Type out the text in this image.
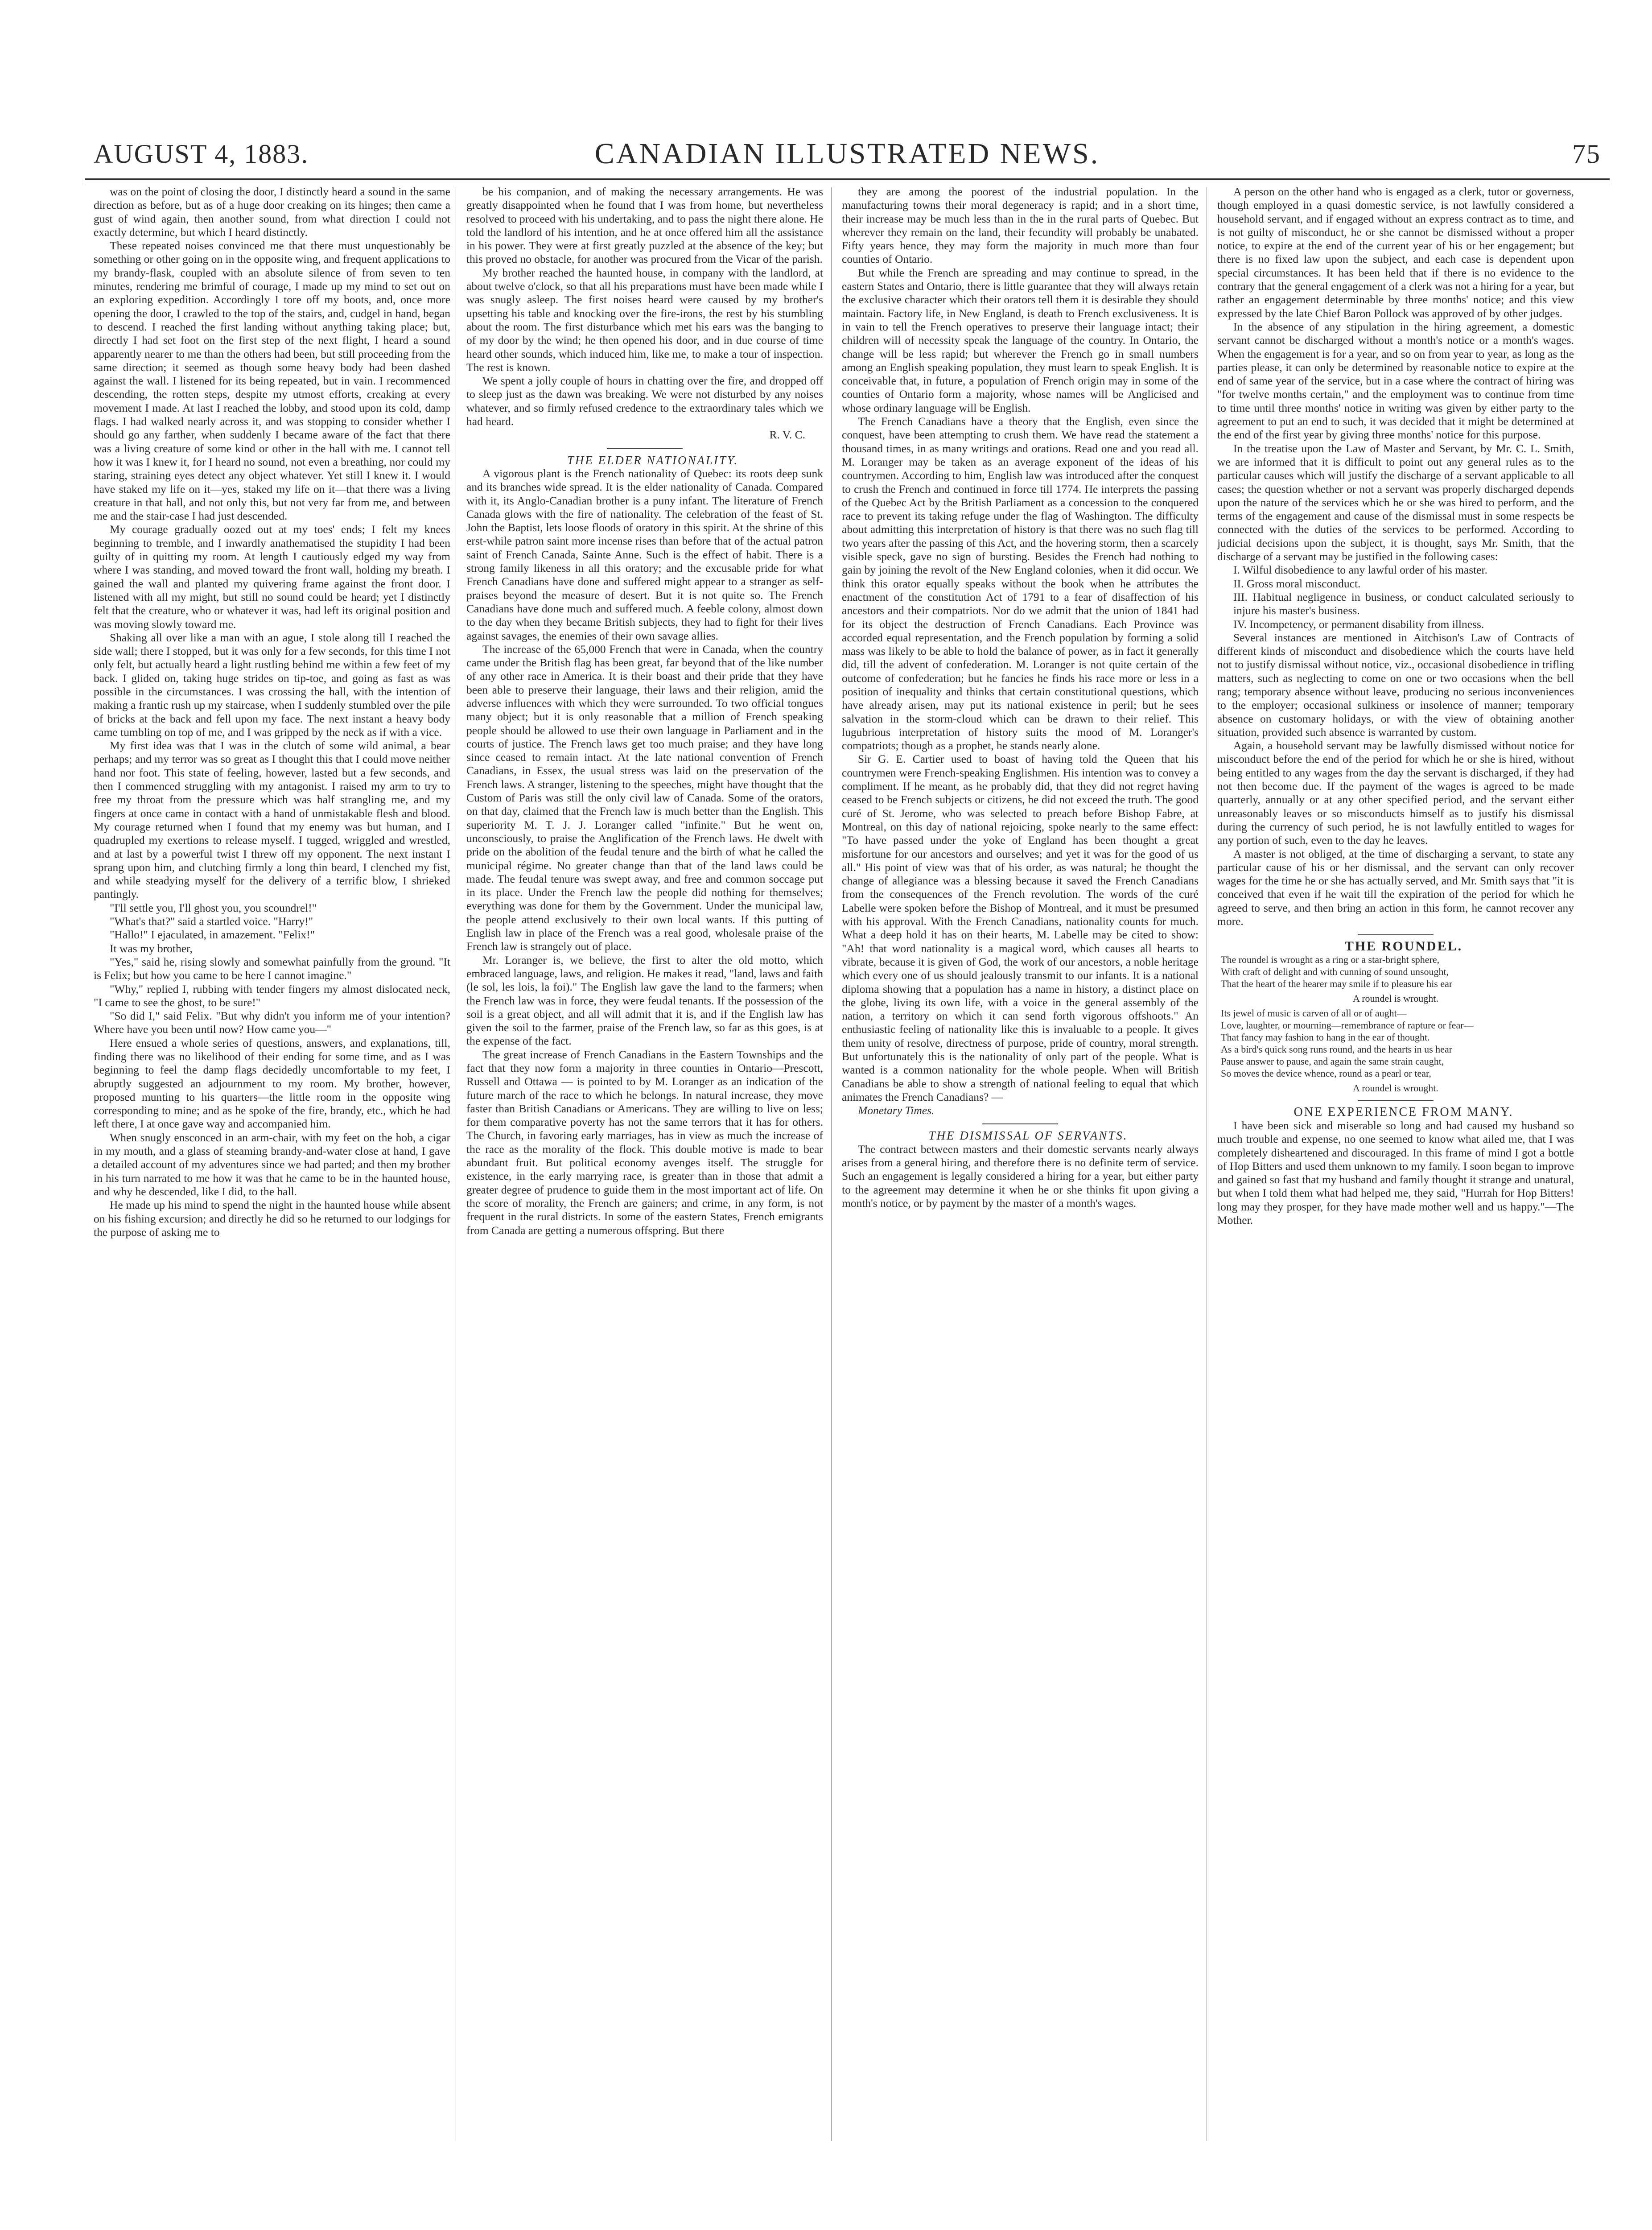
AUGUST 4, 1883.	CANADIAN ILLUSTRATED NEWS.	75

was on the point of closing the door, I distinctly heard a sound in the same direction as before, but as of a huge door creaking on its hinges; then came a gust of wind again, then another sound, from what direction I could not exactly determine, but which I heard distinctly.

These repeated noises convinced me that there must unquestionably be something or other going on in the opposite wing, and frequent applications to my brandy-flask, coupled with an absolute silence of from seven to ten minutes, rendering me brimful of courage, I made up my mind to set out on an exploring expedition. Accordingly I tore off my boots, and, once more opening the door, I crawled to the top of the stairs, and, cudgel in hand, began to descend. I reached the first landing without anything taking place; but, directly I had set foot on the first step of the next flight, I heard a sound apparently nearer to me than the others had been, but still proceeding from the same direction; it seemed as though some heavy body had been dashed against the wall. I listened for its being repeated, but in vain. I recommenced descending, the rotten steps, despite my utmost efforts, creaking at every movement I made. At last I reached the lobby, and stood upon its cold, damp flags. I had walked nearly across it, and was stopping to consider whether I should go any farther, when suddenly I became aware of the fact that there was a living creature of some kind or other in the hall with me. I cannot tell how it was I knew it, for I heard no sound, not even a breathing, nor could my staring, straining eyes detect any object whatever. Yet still I knew it. I would have staked my life on it—yes, staked my life on it—that there was a living creature in that hall, and not only this, but not very far from me, and between me and the stair-case I had just descended.

My courage gradually oozed out at my toes' ends; I felt my knees beginning to tremble, and I inwardly anathematised the stupidity I had been guilty of in quitting my room. At length I cautiously edged my way from where I was standing, and moved toward the front wall, holding my breath. I gained the wall and planted my quivering frame against the front door. I listened with all my might, but still no sound could be heard; yet I distinctly felt that the creature, who or whatever it was, had left its original position and was moving slowly toward me.

Shaking all over like a man with an ague, I stole along till I reached the side wall; there I stopped, but it was only for a few seconds, for this time I not only felt, but actually heard a light rustling behind me within a few feet of my back. I glided on, taking huge strides on tip-toe, and going as fast as was possible in the circumstances. I was crossing the hall, with the intention of making a frantic rush up my staircase, when I suddenly stumbled over the pile of bricks at the back and fell upon my face. The next instant a heavy body came tumbling on top of me, and I was gripped by the neck as if with a vice.

My first idea was that I was in the clutch of some wild animal, a bear perhaps; and my terror was so great as I thought this that I could move neither hand nor foot. This state of feeling, however, lasted but a few seconds, and then I commenced struggling with my antagonist. I raised my arm to try to free my throat from the pressure which was half strangling me, and my fingers at once came in contact with a hand of unmistakable flesh and blood. My courage returned when I found that my enemy was but human, and I quadrupled my exertions to release myself. I tugged, wriggled and wrestled, and at last by a powerful twist I threw off my opponent. The next instant I sprang upon him, and clutching firmly a long thin beard, I clenched my fist, and while steadying myself for the delivery of a terrific blow, I shrieked pantingly.

"I'll settle you, I'll ghost you, you scoundrel!"

"What's that?" said a startled voice. "Harry!"

"Hallo!" I ejaculated, in amazement. "Felix!"

It was my brother,

"Yes," said he, rising slowly and somewhat painfully from the ground. "It is Felix; but how you came to be here I cannot imagine."

"Why," replied I, rubbing with tender fingers my almost dislocated neck, "I came to see the ghost, to be sure!"

"So did I," said Felix. "But why didn't you inform me of your intention? Where have you been until now? How came you—"

Here ensued a whole series of questions, answers, and explanations, till, finding there was no likelihood of their ending for some time, and as I was beginning to feel the damp flags decidedly uncomfortable to my feet, I abruptly suggested an adjournment to my room. My brother, however, proposed munting to his quarters—the little room in the opposite wing corresponding to mine; and as he spoke of the fire, brandy, etc., which he had left there, I at once gave way and accompanied him.

When snugly ensconced in an arm-chair, with my feet on the hob, a cigar in my mouth, and a glass of steaming brandy-and-water close at hand, I gave a detailed account of my adventures since we had parted; and then my brother in his turn narrated to me how it was that he came to be in the haunted house, and why he descended, like I did, to the hall.

He made up his mind to spend the night in the haunted house while absent on his fishing excursion; and directly he did so he returned to our lodgings for the purpose of asking me to

be his companion, and of making the necessary arrangements. He was greatly disappointed when he found that I was from home, but nevertheless resolved to proceed with his undertaking, and to pass the night there alone. He told the landlord of his intention, and he at once offered him all the assistance in his power. They were at first greatly puzzled at the absence of the key; but this proved no obstacle, for another was procured from the Vicar of the parish.

My brother reached the haunted house, in company with the landlord, at about twelve o'clock, so that all his preparations must have been made while I was snugly asleep. The first noises heard were caused by my brother's upsetting his table and knocking over the fire-irons, the rest by his stumbling about the room. The first disturbance which met his ears was the banging to of my door by the wind; he then opened his door, and in due course of time heard other sounds, which induced him, like me, to make a tour of inspection. The rest is known.

We spent a jolly couple of hours in chatting over the fire, and dropped off to sleep just as the dawn was breaking. We were not disturbed by any noises whatever, and so firmly refused credence to the extraordinary tales which we had heard.

R. V. C.

THE ELDER NATIONALITY.

A vigorous plant is the French nationality of Quebec: its roots deep sunk and its branches wide spread. It is the elder nationality of Canada. Compared with it, its Anglo-Canadian brother is a puny infant. The literature of French Canada glows with the fire of nationality. The celebration of the feast of St. John the Baptist, lets loose floods of oratory in this spirit. At the shrine of this erst-while patron saint more incense rises than before that of the actual patron saint of French Canada, Sainte Anne. Such is the effect of habit. There is a strong family likeness in all this oratory; and the excusable pride for what French Canadians have done and suffered might appear to a stranger as self-praises beyond the measure of desert. But it is not quite so. The French Canadians have done much and suffered much. A feeble colony, almost down to the day when they became British subjects, they had to fight for their lives against savages, the enemies of their own savage allies.

The increase of the 65,000 French that were in Canada, when the country came under the British flag has been great, far beyond that of the like number of any other race in America. It is their boast and their pride that they have been able to preserve their language, their laws and their religion, amid the adverse influences with which they were surrounded. To two official tongues many object; but it is only reasonable that a million of French speaking people should be allowed to use their own language in Parliament and in the courts of justice. The French laws get too much praise; and they have long since ceased to remain intact. At the late national convention of French Canadians, in Essex, the usual stress was laid on the preservation of the French laws. A stranger, listening to the speeches, might have thought that the Custom of Paris was still the only civil law of Canada. Some of the orators, on that day, claimed that the French law is much better than the English. This superiority M. T. J. J. Loranger called "infinite." But he went on, unconsciously, to praise the Anglification of the French laws. He dwelt with pride on the abolition of the feudal tenure and the birth of what he called the municipal régime. No greater change than that of the land laws could be made. The feudal tenure was swept away, and free and common soccage put in its place. Under the French law the people did nothing for themselves; everything was done for them by the Government. Under the municipal law, the people attend exclusively to their own local wants. If this putting of English law in place of the French was a real good, wholesale praise of the French law is strangely out of place.

Mr. Loranger is, we believe, the first to alter the old motto, which embraced language, laws, and religion. He makes it read, "land, laws and faith (le sol, les lois, la foi)." The English law gave the land to the farmers; when the French law was in force, they were feudal tenants. If the possession of the soil is a great object, and all will admit that it is, and if the English law has given the soil to the farmer, praise of the French law, so far as this goes, is at the expense of the fact.

The great increase of French Canadians in the Eastern Townships and the fact that they now form a majority in three counties in Ontario—Prescott, Russell and Ottawa — is pointed to by M. Loranger as an indication of the future march of the race to which he belongs. In natural increase, they move faster than British Canadians or Americans. They are willing to live on less; for them comparative poverty has not the same terrors that it has for others. The Church, in favoring early marriages, has in view as much the increase of the race as the morality of the flock. This double motive is made to bear abundant fruit. But political economy avenges itself. The struggle for existence, in the early marrying race, is greater than in those that admit a greater degree of prudence to guide them in the most important act of life. On the score of morality, the French are gainers; and crime, in any form, is not frequent in the rural districts. In some of the eastern States, French emigrants from Canada are getting a numerous offspring. But there

they are among the poorest of the industrial population. In the manufacturing towns their moral degeneracy is rapid; and in a short time, their increase may be much less than in the in the rural parts of Quebec. But wherever they remain on the land, their fecundity will probably be unabated. Fifty years hence, they may form the majority in much more than four counties of Ontario.

But while the French are spreading and may continue to spread, in the eastern States and Ontario, there is little guarantee that they will always retain the exclusive character which their orators tell them it is desirable they should maintain. Factory life, in New England, is death to French exclusiveness. It is in vain to tell the French operatives to preserve their language intact; their children will of necessity speak the language of the country. In Ontario, the change will be less rapid; but wherever the French go in small numbers among an English speaking population, they must learn to speak English. It is conceivable that, in future, a population of French origin may in some of the counties of Ontario form a majority, whose names will be Anglicised and whose ordinary language will be English.

The French Canadians have a theory that the English, even since the conquest, have been attempting to crush them. We have read the statement a thousand times, in as many writings and orations. Read one and you read all. M. Loranger may be taken as an average exponent of the ideas of his countrymen. According to him, English law was introduced after the conquest to crush the French and continued in force till 1774. He interprets the passing of the Quebec Act by the British Parliament as a concession to the conquered race to prevent its taking refuge under the flag of Washington. The difficulty about admitting this interpretation of history is that there was no such flag till two years after the passing of this Act, and the hovering storm, then a scarcely visible speck, gave no sign of bursting. Besides the French had nothing to gain by joining the revolt of the New England colonies, when it did occur. We think this orator equally speaks without the book when he attributes the enactment of the constitution Act of 1791 to a fear of disaffection of his ancestors and their compatriots. Nor do we admit that the union of 1841 had for its object the destruction of French Canadians. Each Province was accorded equal representation, and the French population by forming a solid mass was likely to be able to hold the balance of power, as in fact it generally did, till the advent of confederation. M. Loranger is not quite certain of the outcome of confederation; but he fancies he finds his race more or less in a position of inequality and thinks that certain constitutional questions, which have already arisen, may put its national existence in peril; but he sees salvation in the storm-cloud which can be drawn to their relief. This lugubrious interpretation of history suits the mood of M. Loranger's compatriots; though as a prophet, he stands nearly alone.

Sir G. E. Cartier used to boast of having told the Queen that his countrymen were French-speaking Englishmen. His intention was to convey a compliment. If he meant, as he probably did, that they did not regret having ceased to be French subjects or citizens, he did not exceed the truth. The good curé of St. Jerome, who was selected to preach before Bishop Fabre, at Montreal, on this day of national rejoicing, spoke nearly to the same effect: "To have passed under the yoke of England has been thought a great misfortune for our ancestors and ourselves; and yet it was for the good of us all." His point of view was that of his order, as was natural; he thought the change of allegiance was a blessing because it saved the French Canadians from the consequences of the French revolution. The words of the curé Labelle were spoken before the Bishop of Montreal, and it must be presumed with his approval. With the French Canadians, nationality counts for much. What a deep hold it has on their hearts, M. Labelle may be cited to show: "Ah! that word nationality is a magical word, which causes all hearts to vibrate, because it is given of God, the work of our ancestors, a noble heritage which every one of us should jealously transmit to our infants. It is a national diploma showing that a population has a name in history, a distinct place on the globe, living its own life, with a voice in the general assembly of the nation, a territory on which it can send forth vigorous offshoots." An enthusiastic feeling of nationality like this is invaluable to a people. It gives them unity of resolve, directness of purpose, pride of country, moral strength. But unfortunately this is the nationality of only part of the people. What is wanted is a common nationality for the whole people. When will British Canadians be able to show a strength of national feeling to equal that which animates the French Canadians? —

Monetary Times.

THE DISMISSAL OF SERVANTS.

The contract between masters and their domestic servants nearly always arises from a general hiring, and therefore there is no definite term of service. Such an engagement is legally considered a hiring for a year, but either party to the agreement may determine it when he or she thinks fit upon giving a month's notice, or by payment by the master of a month's wages.

A person on the other hand who is engaged as a clerk, tutor or governess, though employed in a quasi domestic service, is not lawfully considered a household servant, and if engaged without an express contract as to time, and is not guilty of misconduct, he or she cannot be dismissed without a proper notice, to expire at the end of the current year of his or her engagement; but there is no fixed law upon the subject, and each case is dependent upon special circumstances. It has been held that if there is no evidence to the contrary that the general engagement of a clerk was not a hiring for a year, but rather an engagement determinable by three months' notice; and this view expressed by the late Chief Baron Pollock was approved of by other judges.

In the absence of any stipulation in the hiring agreement, a domestic servant cannot be discharged without a month's notice or a month's wages. When the engagement is for a year, and so on from year to year, as long as the parties please, it can only be determined by reasonable notice to expire at the end of same year of the service, but in a case where the contract of hiring was "for twelve months certain," and the employment was to continue from time to time until three months' notice in writing was given by either party to the agreement to put an end to such, it was decided that it might be determined at the end of the first year by giving three months' notice for this purpose.

In the treatise upon the Law of Master and Servant, by Mr. C. L. Smith, we are informed that it is difficult to point out any general rules as to the particular causes which will justify the discharge of a servant applicable to all cases; the question whether or not a servant was properly discharged depends upon the nature of the services which he or she was hired to perform, and the terms of the engagement and cause of the dismissal must in some respects be connected with the duties of the services to be performed. According to judicial decisions upon the subject, it is thought, says Mr. Smith, that the discharge of a servant may be justified in the following cases:

I. Wilful disobedience to any lawful order of his master.

II. Gross moral misconduct.

III. Habitual negligence in business, or conduct calculated seriously to injure his master's business.

IV. Incompetency, or permanent disability from illness.

Several instances are mentioned in Aitchison's Law of Contracts of different kinds of misconduct and disobedience which the courts have held not to justify dismissal without notice, viz., occasional disobedience in trifling matters, such as neglecting to come on one or two occasions when the bell rang; temporary absence without leave, producing no serious inconveniences to the employer; occasional sulkiness or insolence of manner; temporary absence on customary holidays, or with the view of obtaining another situation, provided such absence is warranted by custom.

Again, a household servant may be lawfully dismissed without notice for misconduct before the end of the period for which he or she is hired, without being entitled to any wages from the day the servant is discharged, if they had not then become due. If the payment of the wages is agreed to be made quarterly, annually or at any other specified period, and the servant either unreasonably leaves or so misconducts himself as to justify his dismissal during the currency of such period, he is not lawfully entitled to wages for any portion of such, even to the day he leaves.

A master is not obliged, at the time of discharging a servant, to state any particular cause of his or her dismissal, and the servant can only recover wages for the time he or she has actually served, and Mr. Smith says that "it is conceived that even if he wait till the expiration of the period for which he agreed to serve, and then bring an action in this form, he cannot recover any more.

THE ROUNDEL.

The roundel is wrought as a ring or a star-bright sphere,

With craft of delight and with cunning of sound unsought,

That the heart of the hearer may smile if to pleasure his ear

A roundel is wrought.

Its jewel of music is carven of all or of aught—

Love, laughter, or mourning—remembrance of rapture or fear—

That fancy may fashion to hang in the ear of thought.

As a bird's quick song runs round, and the hearts in us hear

Pause answer to pause, and again the same strain caught,

So moves the device whence, round as a pearl or tear,

A roundel is wrought.

ONE EXPERIENCE FROM MANY.

I have been sick and miserable so long and had caused my husband so much trouble and expense, no one seemed to know what ailed me, that I was completely disheartened and discouraged. In this frame of mind I got a bottle of Hop Bitters and used them unknown to my family. I soon began to improve and gained so fast that my husband and family thought it strange and unatural, but when I told them what had helped me, they said, "Hurrah for Hop Bitters! long may they prosper, for they have made mother well and us happy."—The Mother.
